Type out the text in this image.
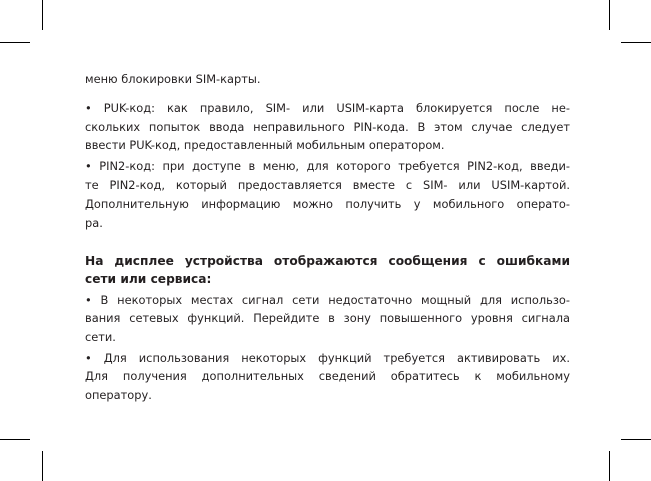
меню блокировки SIM-карты.
• PUK-код: как правило, SIM- или USIM-карта блокируется после не-
скольких попыток ввода неправильного PIN-кода. В этом случае следует
ввести PUK-код, предоставленный мобильным оператором.
• PIN2-код: при доступе в меню, для которого требуется PIN2-код, введи-
те PIN2-код, который предоставляется вместе с SIM- или USIM-картой.
Дополнительную информацию можно получить у мобильного операто-
ра.
На дисплее устройства отображаются сообщения с ошибками
сети или сервиса:
• В некоторых местах сигнал сети недостаточно мощный для использо-
вания сетевых функций. Перейдите в зону повышенного уровня сигнала
сети.
• Для использования некоторых функций требуется активировать их.
Для получения дополнительных сведений обратитесь к мобильному
оператору.
